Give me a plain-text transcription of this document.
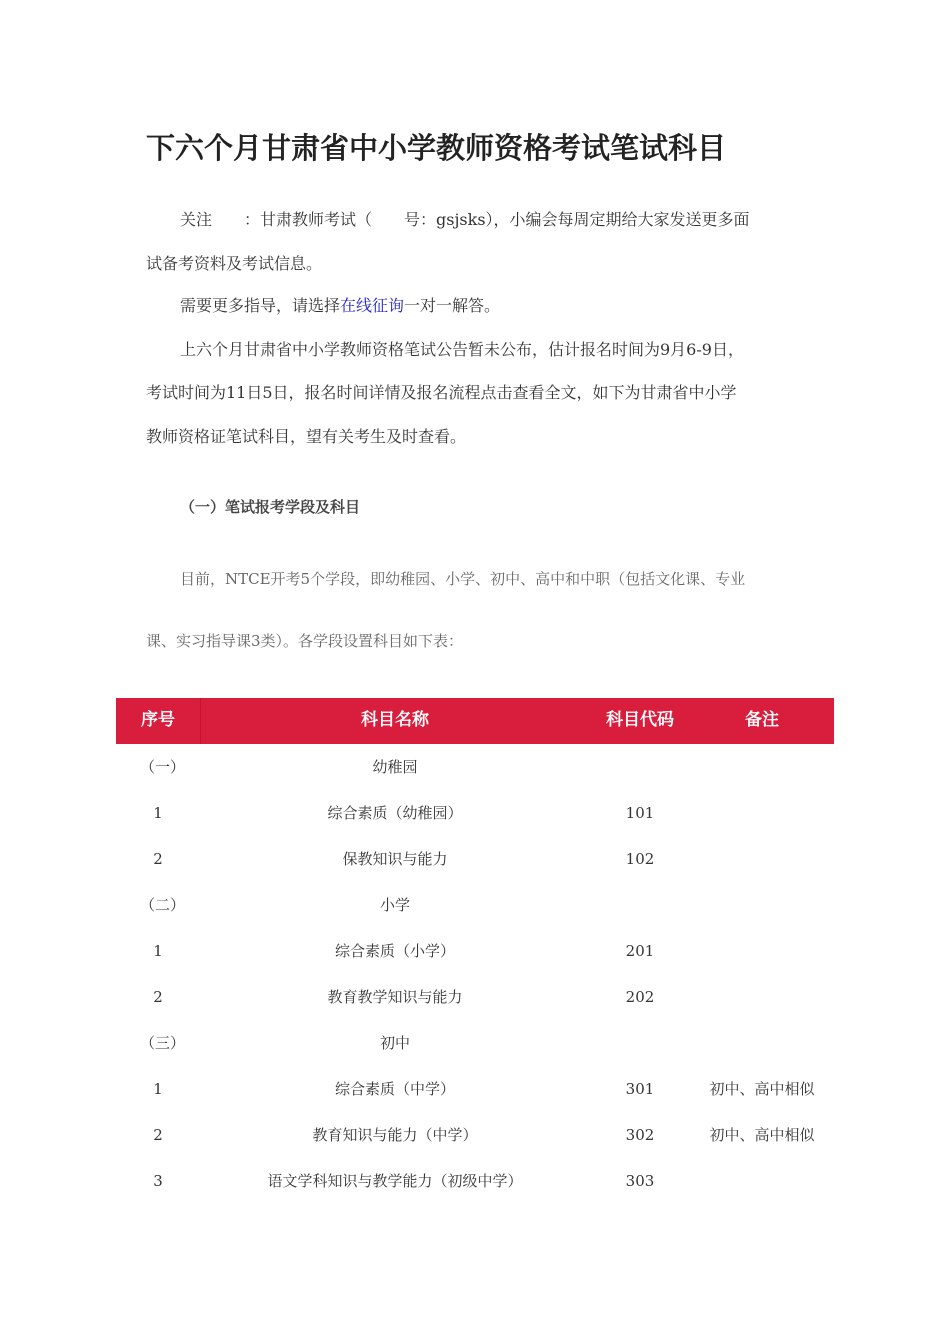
下六个月甘肃省中小学教师资格考试笔试科目
关注　　：甘肃教师考试（　　号：gsjsks），小编会每周定期给大家发送更多面
试备考资料及考试信息。
需要更多指导，请选择在线征询一对一解答。
上六个月甘肃省中小学教师资格笔试公告暂未公布，估计报名时间为9月6-9日，
考试时间为11日5日，报名时间详情及报名流程点击查看全文，如下为甘肃省中小学
教师资格证笔试科目，望有关考生及时查看。
（一）笔试报考学段及科目
目前，NTCE开考5个学段，即幼稚园、小学、初中、高中和中职（包括文化课、专业
课、实习指导课3类）。各学段设置科目如下表：
序号	科目名称	科目代码	备注
（一）	幼稚园
1	综合素质（幼稚园）	101
2	保教知识与能力	102
（二）	小学
1	综合素质（小学）	201
2	教育教学知识与能力	202
（三）	初中
1	综合素质（中学）	301	初中、高中相似
2	教育知识与能力（中学）	302	初中、高中相似
3	语文学科知识与教学能力（初级中学）	303
